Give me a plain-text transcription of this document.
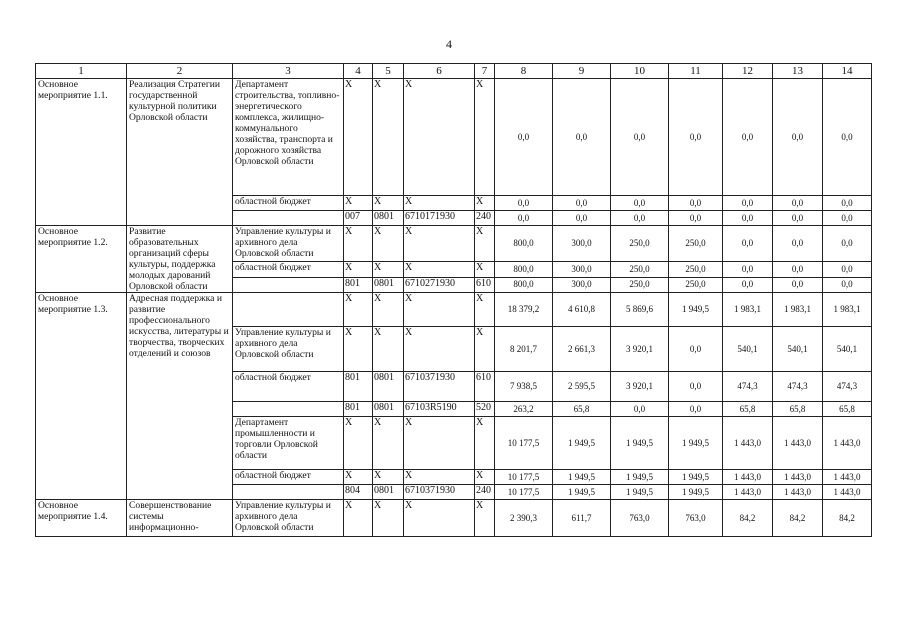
4
1	2	3	4	5	6	7	8	9	10	11	12	13	14
Основное мероприятие 1.1.	Реализация Стратегии государственной культурной политики Орловской области	Департамент строительства, топливно-энергетического комплекса, жилищно-коммунального хозяйства, транспорта и дорожного хозяйства Орловской области	X	X	X	X	0,0	0,0	0,0	0,0	0,0	0,0	0,0
		областной бюджет	X	X	X	X	0,0	0,0	0,0	0,0	0,0	0,0	0,0
			007	0801	6710171930	240	0,0	0,0	0,0	0,0	0,0	0,0	0,0
Основное мероприятие 1.2.	Развитие образовательных организаций сферы культуры, поддержка молодых дарований Орловской области	Управление культуры и архивного дела Орловской области	X	X	X	X	800,0	300,0	250,0	250,0	0,0	0,0	0,0
		областной бюджет	X	X	X	X	800,0	300,0	250,0	250,0	0,0	0,0	0,0
			801	0801	6710271930	610	800,0	300,0	250,0	250,0	0,0	0,0	0,0
Основное мероприятие 1.3.	Адресная поддержка и развитие профессионального искусства, литературы и творчества, творческих отделений и союзов		X	X	X	X	18 379,2	4 610,8	5 869,6	1 949,5	1 983,1	1 983,1	1 983,1
		Управление культуры и архивного дела Орловской области	X	X	X	X	8 201,7	2 661,3	3 920,1	0,0	540,1	540,1	540,1
		областной бюджет	801	0801	6710371930	610	7 938,5	2 595,5	3 920,1	0,0	474,3	474,3	474,3
			801	0801	67103R5190	520	263,2	65,8	0,0	0,0	65,8	65,8	65,8
		Департамент промышленности и торговли Орловской области	X	X	X	X	10 177,5	1 949,5	1 949,5	1 949,5	1 443,0	1 443,0	1 443,0
		областной бюджет	X	X	X	X	10 177,5	1 949,5	1 949,5	1 949,5	1 443,0	1 443,0	1 443,0
			804	0801	6710371930	240	10 177,5	1 949,5	1 949,5	1 949,5	1 443,0	1 443,0	1 443,0
Основное мероприятие 1.4.	Совершенствование системы информационно-	Управление культуры и архивного дела Орловской области	X	X	X	X	2 390,3	611,7	763,0	763,0	84,2	84,2	84,2
